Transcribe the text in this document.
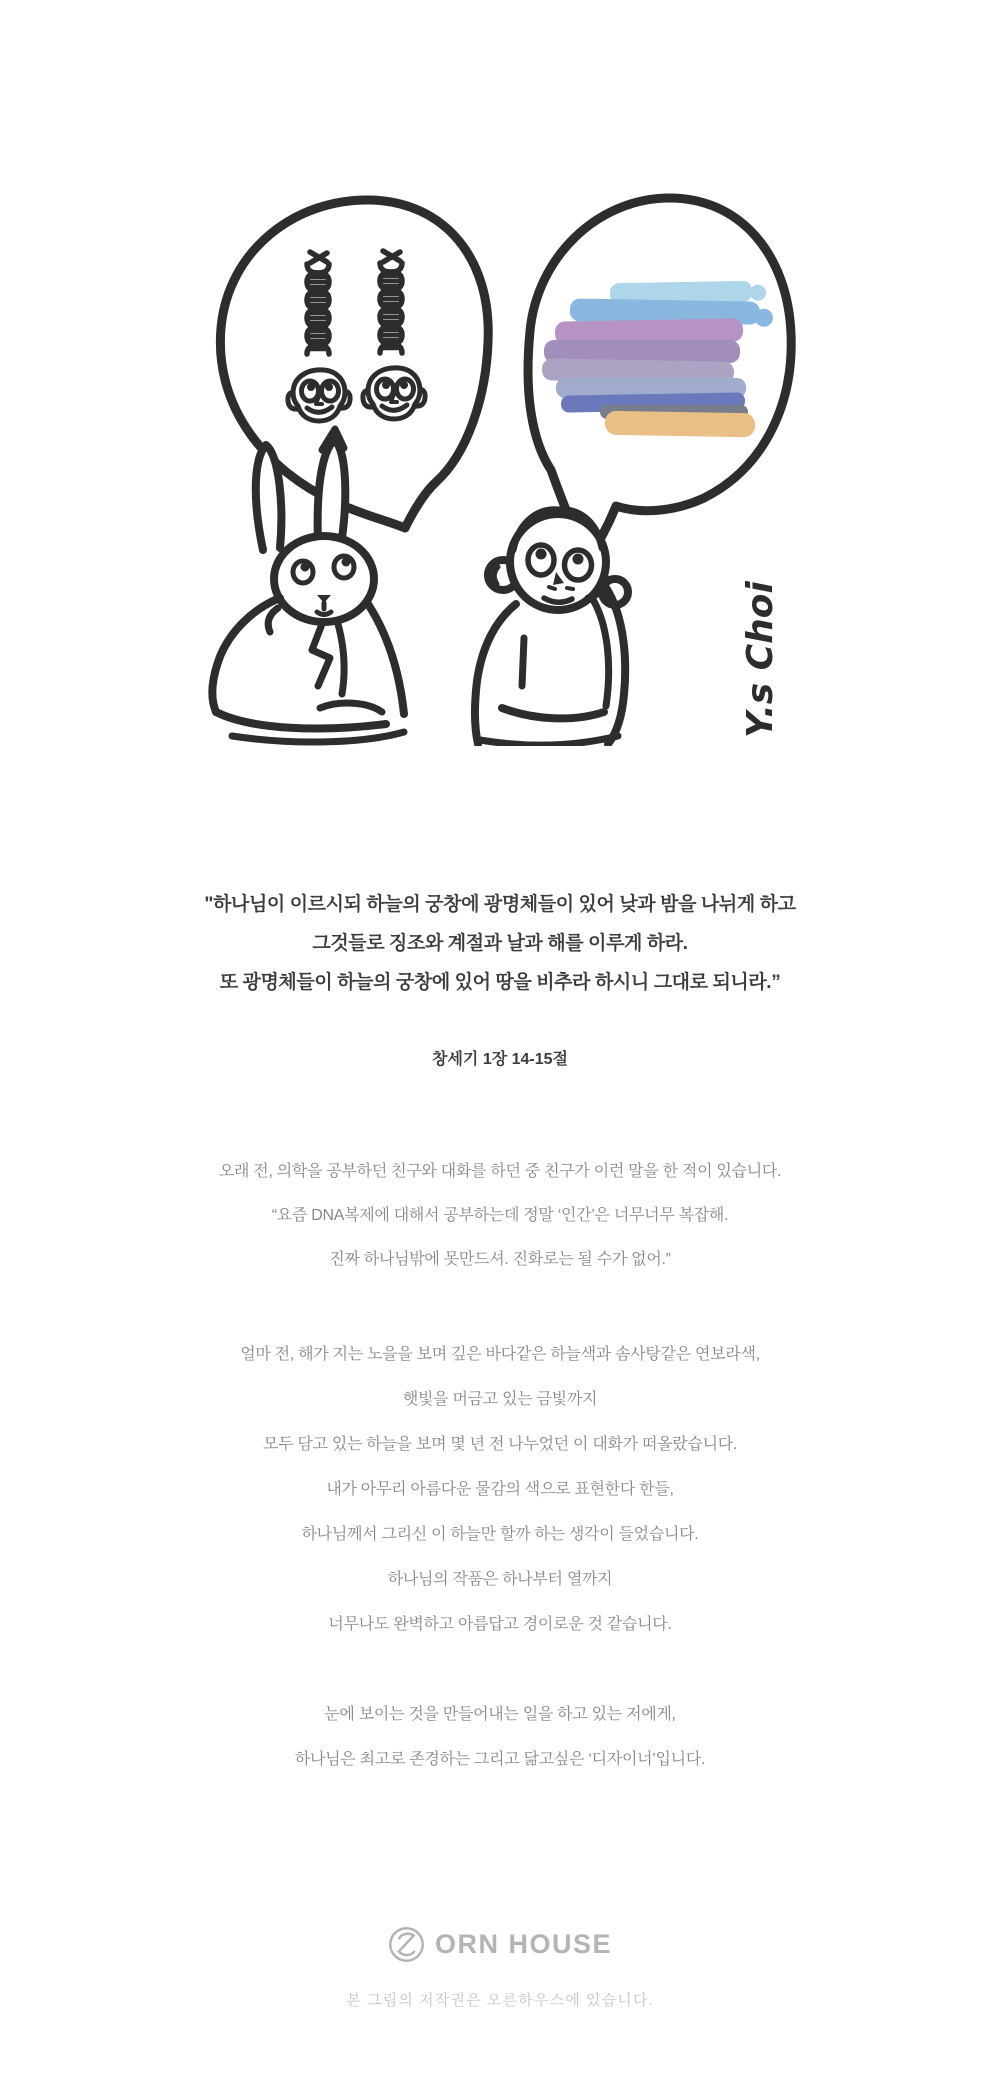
Y.s Choi
"하나님이 이르시되 하늘의 궁창에 광명체들이 있어 낮과 밤을 나뉘게 하고
그것들로 징조와 계절과 날과 해를 이루게 하라.
또 광명체들이 하늘의 궁창에 있어 땅을 비추라 하시니 그대로 되니라.”
창세기 1장 14-15절
오래 전, 의학을 공부하던 친구와 대화를 하던 중 친구가 이런 말을 한 적이 있습니다.
“요즘 DNA복제에 대해서 공부하는데 정말 ‘인간’은 너무너무 복잡해.
진짜 하나님밖에 못만드셔. 진화로는 될 수가 없어.”
얼마 전, 해가 지는 노을을 보며 깊은 바다같은 하늘색과 솜사탕같은 연보라색,
햇빛을 머금고 있는 금빛까지
모두 담고 있는 하늘을 보며 몇 년 전 나누었던 이 대화가 떠올랐습니다.
내가 아무리 아름다운 물감의 색으로 표현한다 한들,
하나님께서 그리신 이 하늘만 할까 하는 생각이 들었습니다.
하나님의 작품은 하나부터 열까지
너무나도 완벽하고 아름답고 경이로운 것 같습니다.
눈에 보이는 것을 만들어내는 일을 하고 있는 저에게,
하나님은 최고로 존경하는 그리고 닮고싶은 ‘디자이너’입니다.
ORN HOUSE
본 그림의 저작권은 오른하우스에 있습니다.
